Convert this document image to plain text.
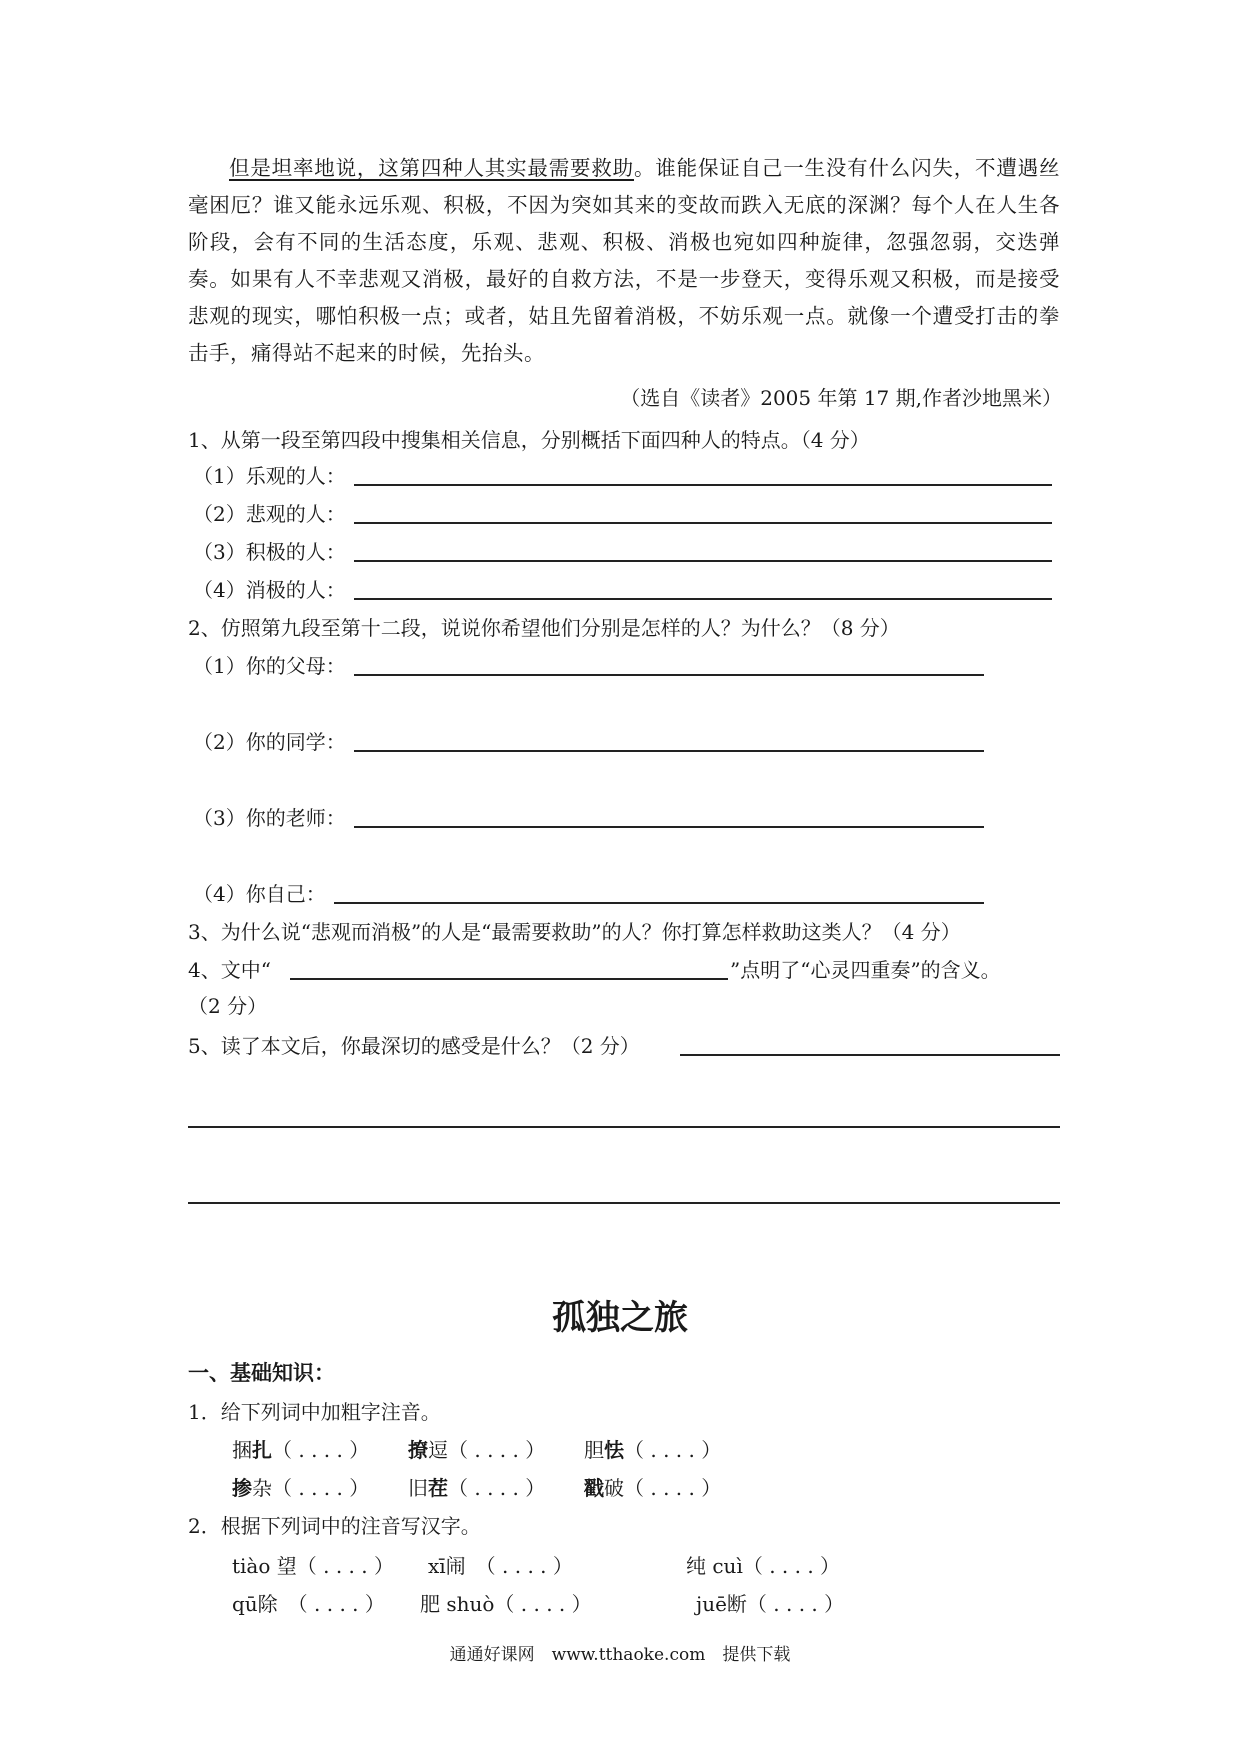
但是坦率地说，这第四种人其实最需要救助。谁能保证自己一生没有什么闪失，不遭遇丝毫困厄？谁又能永远乐观、积极，不因为突如其来的变故而跌入无底的深渊？每个人在人生各阶段，会有不同的生活态度，乐观、悲观、积极、消极也宛如四种旋律，忽强忽弱，交迭弹奏。如果有人不幸悲观又消极，最好的自救方法，不是一步登天，变得乐观又积极，而是接受悲观的现实，哪怕积极一点；或者，姑且先留着消极，不妨乐观一点。就像一个遭受打击的拳击手，痛得站不起来的时候，先抬头。
（选自《读者》2005 年第 17 期,作者沙地黑米）
1、从第一段至第四段中搜集相关信息，分别概括下面四种人的特点。（4 分）
（1）乐观的人：
（2）悲观的人：
（3）积极的人：
（4）消极的人：
2、仿照第九段至第十二段，说说你希望他们分别是怎样的人？为什么？（8 分）
（1）你的父母：
（2）你的同学：
（3）你的老师：
（4）你自己：
3、为什么说“悲观而消极”的人是“最需要救助”的人？你打算怎样救助这类人？（4 分）
4、文中“	”点明了“心灵四重奏”的含义。
（2 分）
5、读了本文后，你最深切的感受是什么？（2 分）
孤独之旅
一、基础知识：
1．给下列词中加粗字注音。
捆扎（ . . . . ） 撩逗（ . . . . ） 胆怯（ . . . . ）
掺杂（ . . . . ） 旧茬（ . . . . ） 戳破（ . . . . ）
2．根据下列词中的注音写汉字。
tiào 望（ . . . . ） xī闹　（ . . . . ）	纯 cuì（ . . . . ）
qū除　（ . . . . ） 肥 shuò（ . . . . ）	juē断（ . . . . ）
通通好课网　www.tthaoke.com　提供下载
